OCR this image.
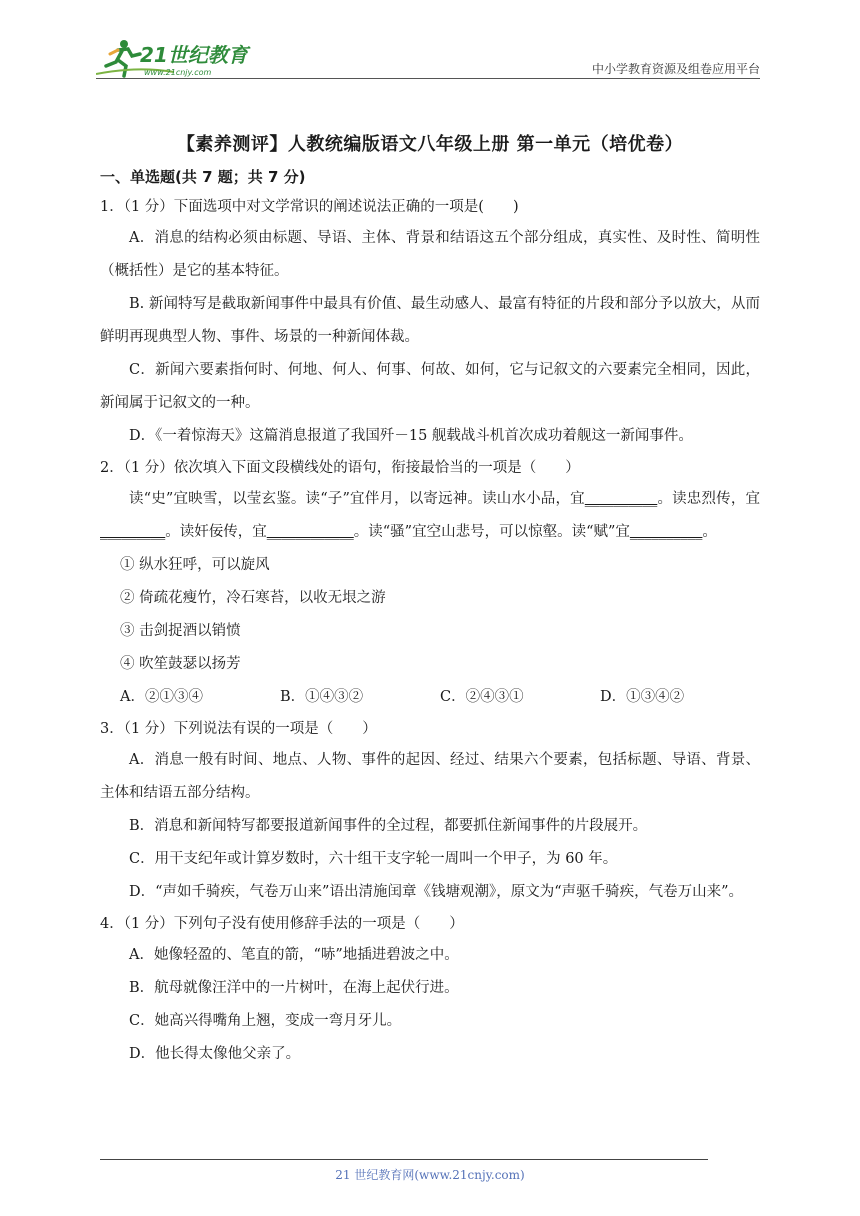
21世纪教育
www.21cnjy.com	中小学教育资源及组卷应用平台
【素养测评】人教统编版语文八年级上册 第一单元（培优卷）
一、单选题(共 7 题；共 7 分)
1．（1 分）下面选项中对文学常识的阐述说法正确的一项是(　　)

A．消息的结构必须由标题、导语、主体、背景和结语这五个部分组成，真实性、及时性、简明性（概括性）是它的基本特征。

B. 新闻特写是截取新闻事件中最具有价值、最生动感人、最富有特征的片段和部分予以放大，从而鲜明再现典型人物、事件、场景的一种新闻体裁。

C．新闻六要素指何时、何地、何人、何事、何故、如何，它与记叙文的六要素完全相同，因此，新闻属于记叙文的一种。

D．《一着惊海天》这篇消息报道了我国歼－15 舰载战斗机首次成功着舰这一新闻事件。

2．（1 分）依次填入下面文段横线处的语句，衔接最恰当的一项是（　　）

读“史”宜映雪，以莹玄鉴。读“子”宜伴月，以寄远神。读山水小品，宜__________。读忠烈传，宜_________。读奸佞传，宜____________。读“骚”宜空山悲号，可以惊壑。读“赋”宜__________。

① 纵水狂呼，可以旋风

② 倚疏花瘦竹，冷石寒苔，以收无垠之游

③ 击剑捉酒以销愤

④ 吹笙鼓瑟以扬芳

A．②①③④	B．①④③②	C．②④③①	D．①③④②
3．（1 分）下列说法有误的一项是（　　）

A．消息一般有时间、地点、人物、事件的起因、经过、结果六个要素，包括标题、导语、背景、主体和结语五部分结构。

B．消息和新闻特写都要报道新闻事件的全过程，都要抓住新闻事件的片段展开。

C．用干支纪年或计算岁数时，六十组干支字轮一周叫一个甲子，为 60 年。

D．“声如千骑疾，气卷万山来”语出清施闰章《钱塘观潮》，原文为“声驱千骑疾，气卷万山来”。

4．（1 分）下列句子没有使用修辞手法的一项是（　　）

A．她像轻盈的、笔直的箭，“哧”地插进碧波之中。

B．航母就像汪洋中的一片树叶，在海上起伏行进。

C．她高兴得嘴角上翘，变成一弯月牙儿。

D．他长得太像他父亲了。

21 世纪教育网(www.21cnjy.com)
